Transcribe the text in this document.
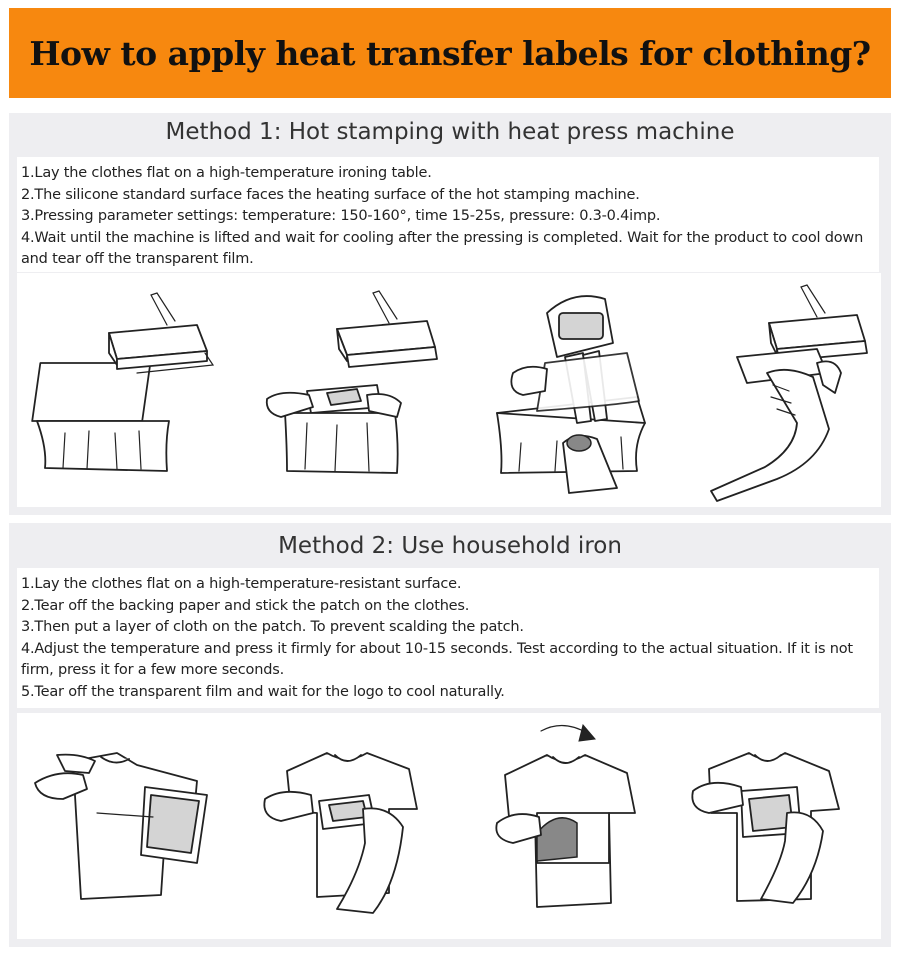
How to apply heat transfer labels for clothing?
Method 1: Hot stamping with heat press machine

1.Lay the clothes flat on a high-temperature ironing table.

2.The silicone standard surface faces the heating surface of the hot stamping machine.

3.Pressing parameter settings: temperature: 150-160°, time 15-25s, pressure: 0.3-0.4imp.

4.Wait until the machine is lifted and wait for cooling after the pressing is completed. Wait for the product to cool down and tear off the transparent film.

Method 2: Use household iron

1.Lay the clothes flat on a high-temperature-resistant surface.

2.Tear off the backing paper and stick the patch on the clothes.

3.Then put a layer of cloth on the patch. To prevent scalding the patch.

4.Adjust the temperature and press it firmly for about 10-15 seconds. Test according to the actual situation. If it is not firm, press it for a few more seconds.

5.Tear off the transparent film and wait for the logo to cool naturally.
